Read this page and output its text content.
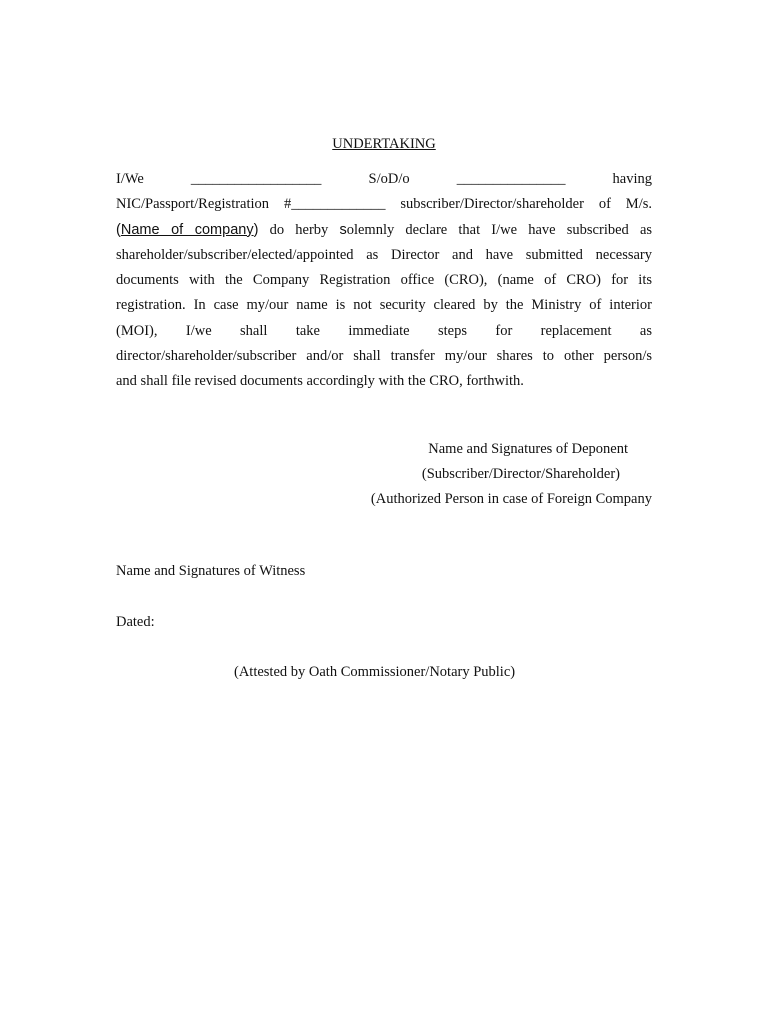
UNDERTAKING
I/We	__________________	S/oD/o	_______________	having
NIC/Passport/Registration #_____________ subscriber/Director/shareholder of M/s.
(Name of company) do herby solemnly declare that I/we have subscribed as
shareholder/subscriber/elected/appointed as Director and have submitted necessary
documents with the Company Registration office (CRO), (name of CRO) for its
registration. In case my/our name is not security cleared by the Ministry of interior
(MOI), I/we shall take immediate steps for replacement as
director/shareholder/subscriber and/or shall transfer my/our shares to other person/s
and shall file revised documents accordingly with the CRO, forthwith.
Name and Signatures of Deponent
(Subscriber/Director/Shareholder)
(Authorized Person in case of Foreign Company
Name and Signatures of Witness
Dated:
(Attested by Oath Commissioner/Notary Public)
